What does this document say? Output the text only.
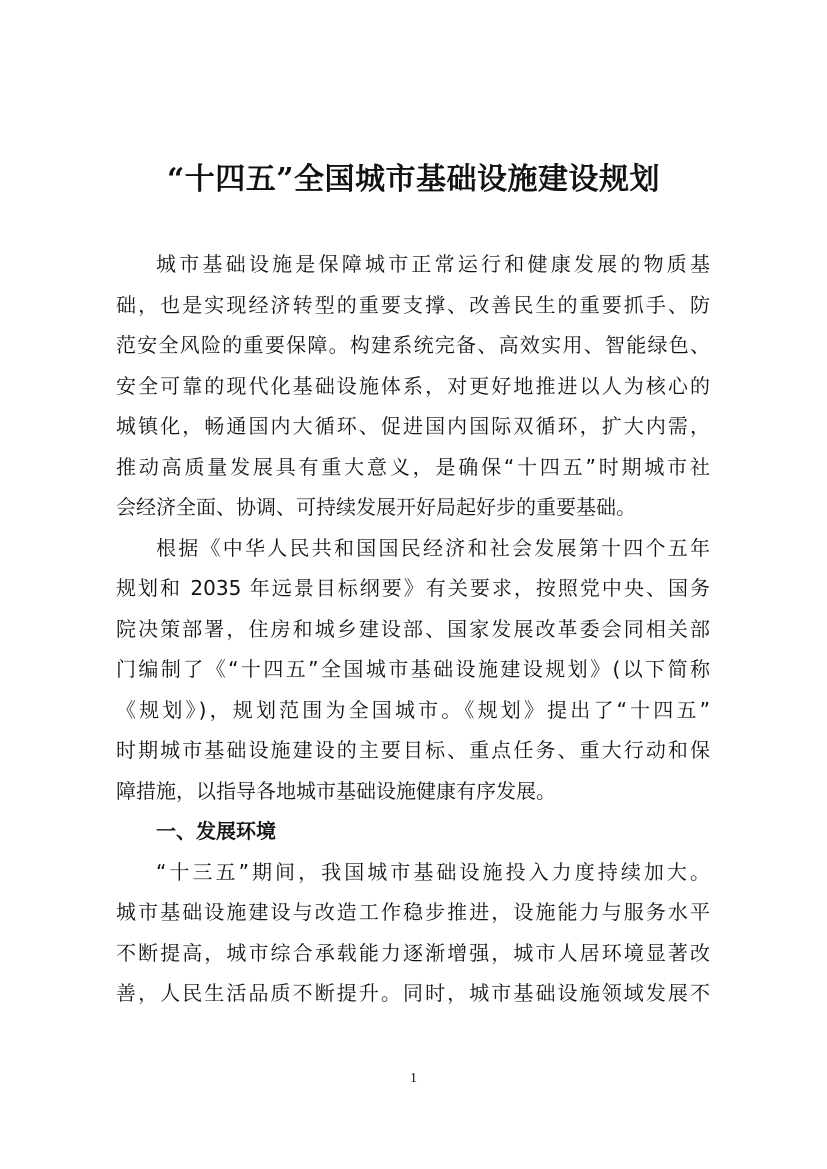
“十四五”全国城市基础设施建设规划
城市基础设施是保障城市正常运行和健康发展的物质基
础，也是实现经济转型的重要支撑、改善民生的重要抓手、防
范安全风险的重要保障。构建系统完备、高效实用、智能绿色、
安全可靠的现代化基础设施体系，对更好地推进以人为核心的
城镇化，畅通国内大循环、促进国内国际双循环，扩大内需，
推动高质量发展具有重大意义，是确保“十四五”时期城市社
会经济全面、协调、可持续发展开好局起好步的重要基础。
根据《中华人民共和国国民经济和社会发展第十四个五年
规划和 2035 年远景目标纲要》有关要求，按照党中央、国务
院决策部署，住房和城乡建设部、国家发展改革委会同相关部
门编制了《“十四五”全国城市基础设施建设规划》(以下简称
《规划》)，规划范围为全国城市。《规划》提出了“十四五”
时期城市基础设施建设的主要目标、重点任务、重大行动和保
障措施，以指导各地城市基础设施健康有序发展。
一、发展环境
“十三五”期间，我国城市基础设施投入力度持续加大。
城市基础设施建设与改造工作稳步推进，设施能力与服务水平
不断提高，城市综合承载能力逐渐增强，城市人居环境显著改
善，人民生活品质不断提升。同时，城市基础设施领域发展不
1
